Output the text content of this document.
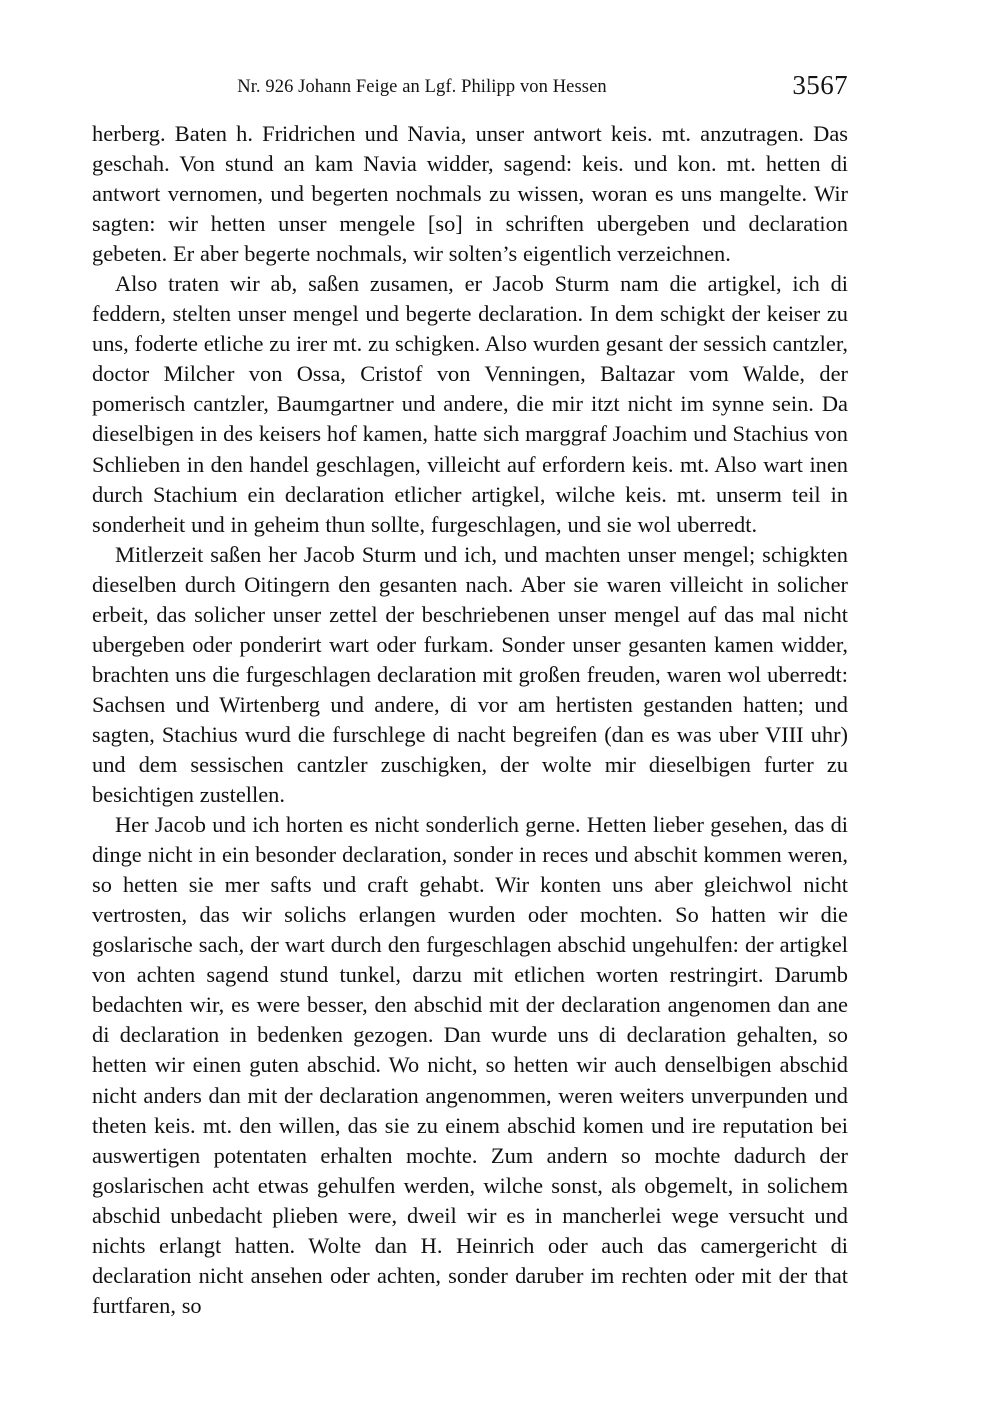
Nr. 926 Johann Feige an Lgf. Philipp von Hessen	3567

herberg. Baten h. Fridrichen und Navia, unser antwort keis. mt. anzutragen. Das geschah. Von stund an kam Navia widder, sagend: keis. und kon. mt. hetten di antwort vernomen, und begerten nochmals zu wissen, woran es uns mangelte. Wir sagten: wir hetten unser mengele [so] in schriften ubergeben und declaration gebeten. Er aber begerte nochmals, wir solten’s eigentlich verzeichnen.

Also traten wir ab, saßen zusamen, er Jacob Sturm nam die artigkel, ich di feddern, stelten unser mengel und begerte declaration. In dem schigkt der keiser zu uns, foderte etliche zu irer mt. zu schigken. Also wurden gesant der sessich cantzler, doctor Milcher von Ossa, Cristof von Venningen, Baltazar vom Walde, der pomerisch cantzler, Baumgartner und andere, die mir itzt nicht im synne sein. Da dieselbigen in des keisers hof kamen, hatte sich marggraf Joachim und Stachius von Schlieben in den handel geschlagen, villeicht auf erfordern keis. mt. Also wart inen durch Stachium ein declaration etlicher artigkel, wilche keis. mt. unserm teil in sonderheit und in geheim thun sollte, furgeschlagen, und sie wol uberredt.

Mitlerzeit saßen her Jacob Sturm und ich, und machten unser mengel; schigkten dieselben durch Oitingern den gesanten nach. Aber sie waren villeicht in solicher erbeit, das solicher unser zettel der beschriebenen unser mengel auf das mal nicht ubergeben oder ponderirt wart oder furkam. Sonder unser gesanten kamen widder, brachten uns die furgeschlagen declaration mit großen freuden, waren wol uberredt: Sachsen und Wirtenberg und andere, di vor am hertisten gestanden hatten; und sagten, Stachius wurd die furschlege di nacht begreifen (dan es was uber VIII uhr) und dem sessischen cantzler zuschigken, der wolte mir dieselbigen furter zu besichtigen zustellen.

Her Jacob und ich horten es nicht sonderlich gerne. Hetten lieber gesehen, das di dinge nicht in ein besonder declaration, sonder in reces und abschit kommen weren, so hetten sie mer safts und craft gehabt. Wir konten uns aber gleichwol nicht vertrosten, das wir solichs erlangen wurden oder mochten. So hatten wir die goslarische sach, der wart durch den furgeschlagen abschid ungehulfen: der artigkel von achten sagend stund tunkel, darzu mit etlichen worten restringirt. Darumb bedachten wir, es were besser, den abschid mit der declaration angenomen dan ane di declaration in bedenken gezogen. Dan wurde uns di declaration gehalten, so hetten wir einen guten abschid. Wo nicht, so hetten wir auch denselbigen abschid nicht anders dan mit der declaration angenommen, weren weiters unverpunden und theten keis. mt. den willen, das sie zu einem abschid komen und ire reputation bei auswertigen potentaten erhalten mochte. Zum andern so mochte dadurch der goslarischen acht etwas gehulfen werden, wilche sonst, als obgemelt, in solichem abschid unbedacht plieben were, dweil wir es in mancherlei wege versucht und nichts erlangt hatten. Wolte dan H. Heinrich oder auch das camergericht di declaration nicht ansehen oder achten, sonder daruber im rechten oder mit der that furtfaren, so
